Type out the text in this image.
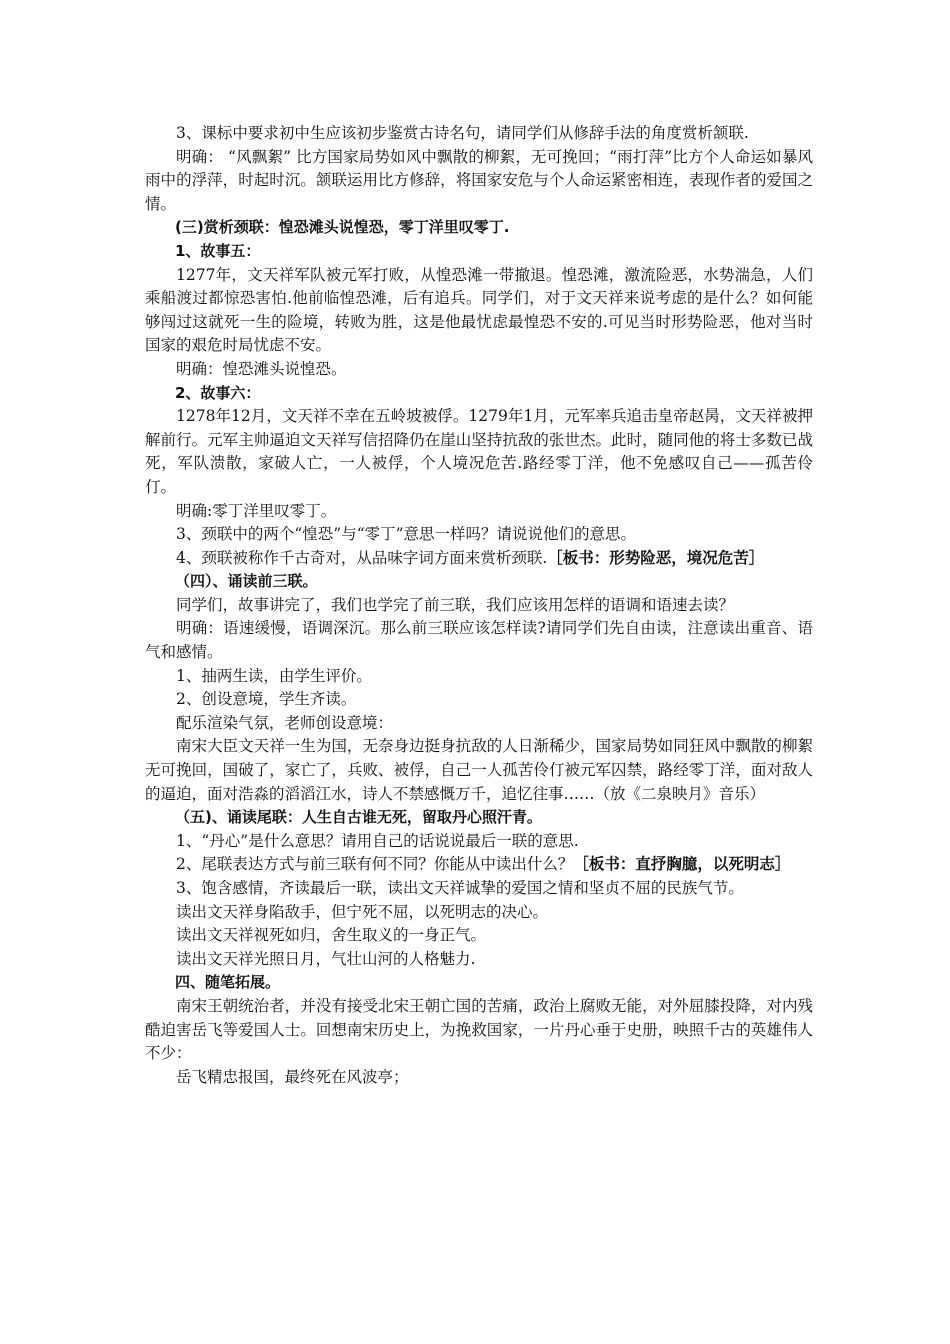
3、课标中要求初中生应该初步鉴赏古诗名句，请同学们从修辞手法的角度赏析颔联.

明确： “风飘絮” 比方国家局势如风中飘散的柳絮，无可挽回；“雨打萍”比方个人命运如暴风雨中的浮萍，时起时沉。颔联运用比方修辞，将国家安危与个人命运紧密相连，表现作者的爱国之情。

(三)赏析颈联：惶恐滩头说惶恐，零丁洋里叹零丁.

1、故事五：

1277年，文天祥军队被元军打败，从惶恐滩一带撤退。惶恐滩，激流险恶，水势湍急，人们乘船渡过都惊恐害怕.他前临惶恐滩，后有追兵。同学们，对于文天祥来说考虑的是什么？如何能够闯过这就死一生的险境，转败为胜，这是他最忧虑最惶恐不安的.可见当时形势险恶，他对当时国家的艰危时局忧虑不安。

明确：惶恐滩头说惶恐。

2、故事六：

1278年12月，文天祥不幸在五岭坡被俘。1279年1月，元军率兵追击皇帝赵昺，文天祥被押解前行。元军主帅逼迫文天祥写信招降仍在崖山坚持抗敌的张世杰。此时，随同他的将士多数已战死，军队溃散，家破人亡，一人被俘，个人境况危苦.路经零丁洋，他不免感叹自己——孤苦伶仃。

明确:零丁洋里叹零丁。

3、颈联中的两个“惶恐”与“零丁”意思一样吗？请说说他们的意思。

4、颈联被称作千古奇对，从品味字词方面来赏析颈联.［板书：形势险恶，境况危苦］

（四）、诵读前三联。

同学们，故事讲完了，我们也学完了前三联，我们应该用怎样的语调和语速去读？

明确：语速缓慢，语调深沉。那么前三联应该怎样读?请同学们先自由读，注意读出重音、语气和感情。

1、抽两生读，由学生评价。

2、创设意境，学生齐读。

配乐渲染气氛，老师创设意境：

南宋大臣文天祥一生为国，无奈身边挺身抗敌的人日渐稀少，国家局势如同狂风中飘散的柳絮无可挽回，国破了，家亡了，兵败、被俘，自己一人孤苦伶仃被元军囚禁，路经零丁洋，面对敌人的逼迫，面对浩淼的滔滔江水，诗人不禁感慨万千，追忆往事……（放《二泉映月》音乐）

（五)、诵读尾联：人生自古谁无死，留取丹心照汗青。

1、“丹心”是什么意思？请用自己的话说说最后一联的意思.

2、尾联表达方式与前三联有何不同？你能从中读出什么？［板书：直抒胸臆，以死明志］

3、饱含感情，齐读最后一联，读出文天祥诚挚的爱国之情和坚贞不屈的民族气节。

读出文天祥身陷敌手，但宁死不屈，以死明志的决心。

读出文天祥视死如归，舍生取义的一身正气。

读出文天祥光照日月，气壮山河的人格魅力.

四、随笔拓展。

南宋王朝统治者，并没有接受北宋王朝亡国的苦痛，政治上腐败无能，对外屈膝投降，对内残酷迫害岳飞等爱国人士。回想南宋历史上，为挽救国家，一片丹心垂于史册，映照千古的英雄伟人不少：

岳飞精忠报国，最终死在风波亭；
